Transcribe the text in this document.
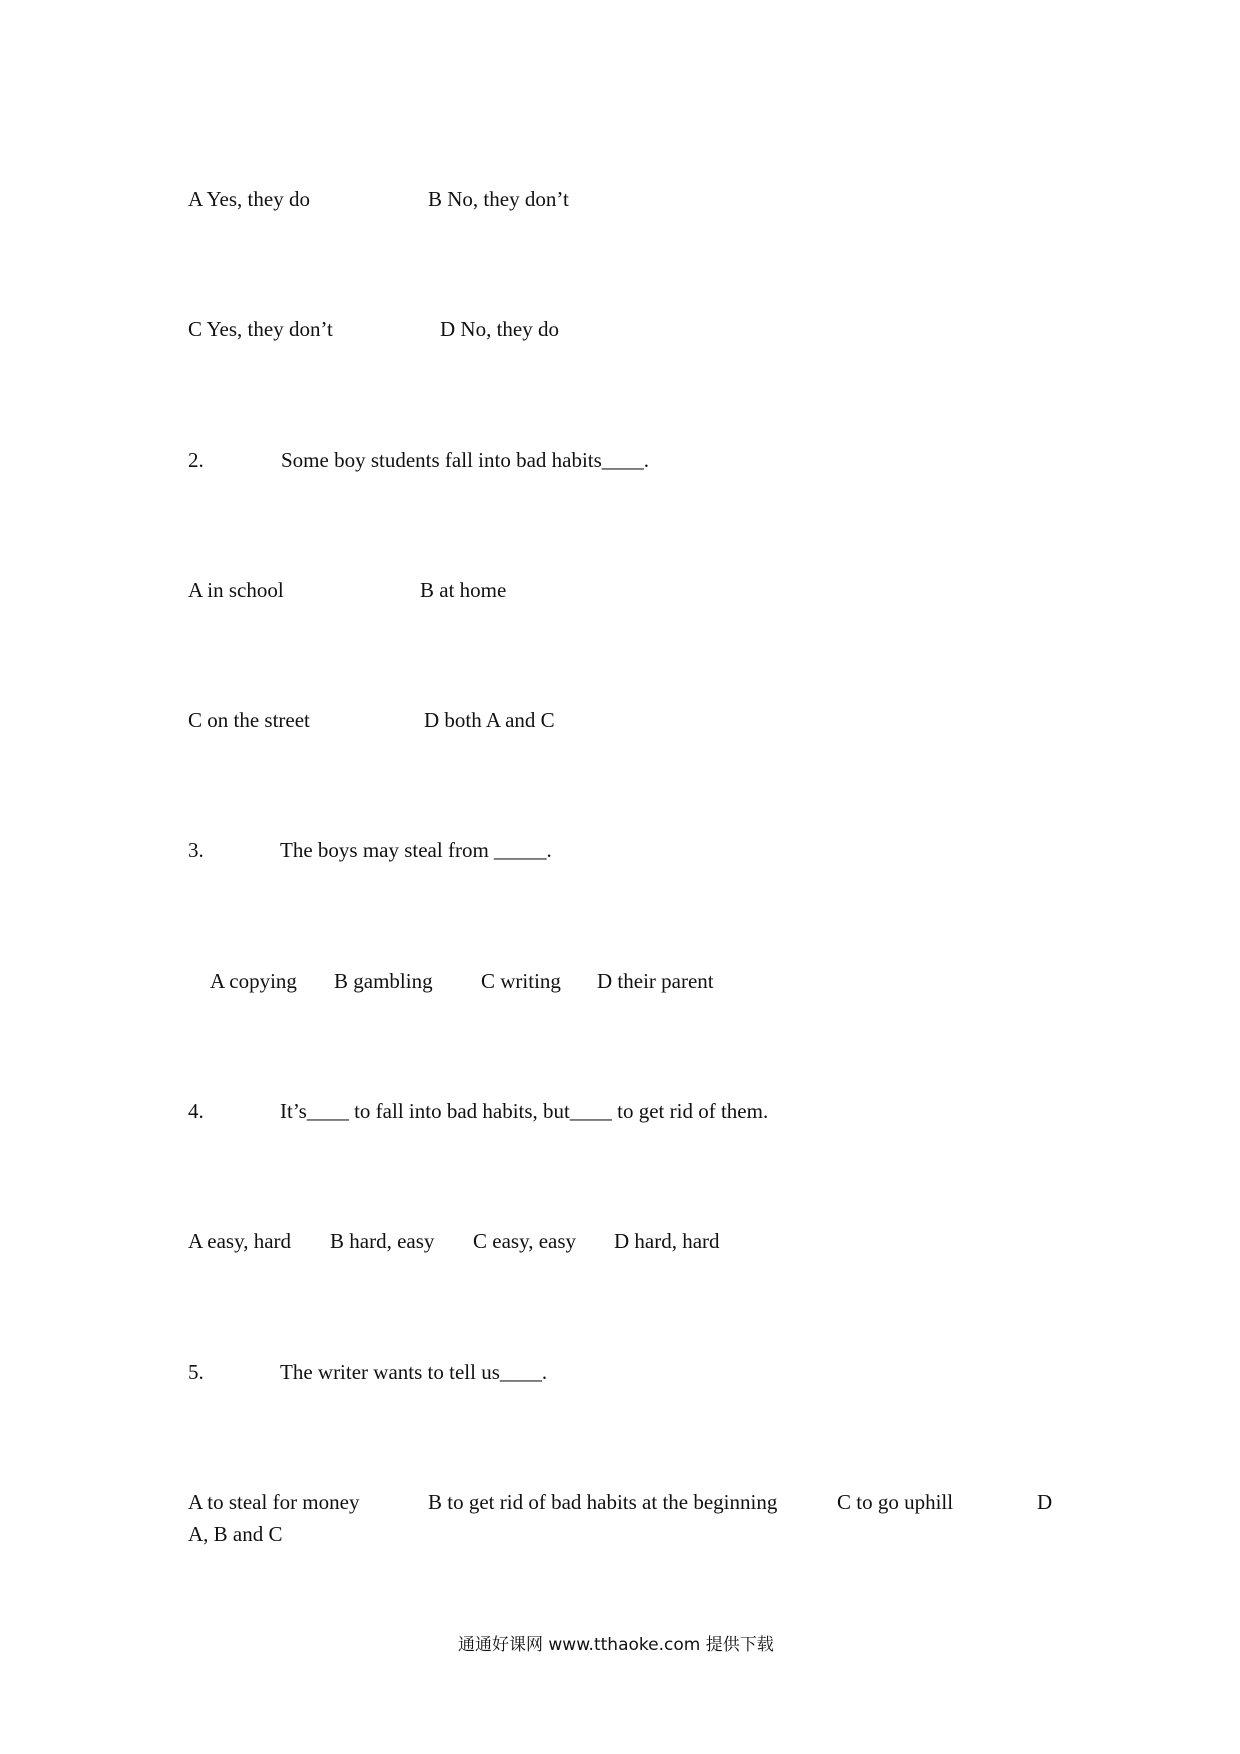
A Yes, they do	B No, they don’t
C Yes, they don’t	D No, they do
2.	Some boy students fall into bad habits____.
A in school	B at home
C on the street	D both A and C
3.	The boys may steal from _____.
A copying B gambling C writing D their parent
4.	It’s____ to fall into bad habits, but____ to get rid of them.
A easy, hard B hard, easy C easy, easy D hard, hard
5.	The writer wants to tell us____.
A to steal for money	B to get rid of bad habits at the beginning	C to go uphill	D
A, B and C
通通好课网 www.tthaoke.com 提供下载
